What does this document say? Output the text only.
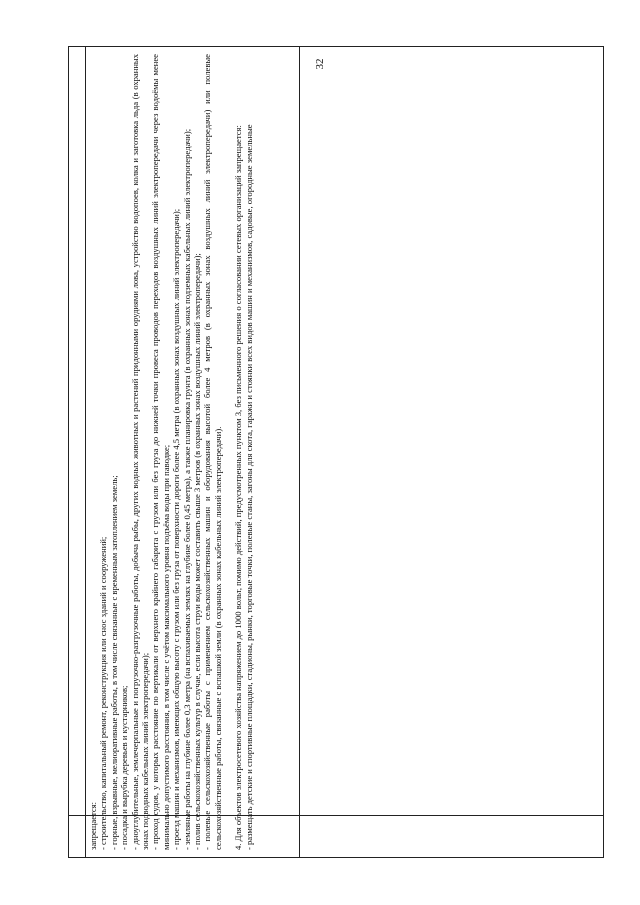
32

запрещается: - строительство, капитальный ремонт, реконструкция или снос зданий и сооружений; - горные, взрывные, мелиоративные работы, в том числе связанные с временным затоплением земель; - посадка и вырубка деревьев и кустарников; - дноуглубительные, землечерпальные и погрузочно-разгрузочные работы, добыча рыбы, других водных животных и растений придонными орудиями лова, устройство водопоев, колка и заготовка льда (в охранных зонах подводных кабельных линий электропередачи); - проход судов, у которых расстояние по вертикали от верхнего крайнего габарита с грузом или без груза до нижней точки провеса проводов переходов воздушных линий электропередачи через водоёмы менее минимально допустимого расстояния, в том числе с учётом максимального уровня подъёма воды при паводке; - проезд машин и механизмов, имеющих общую высоту с грузом или без груза от поверхности дороги более 4,5 метра (в охранных зонах воздушных линий электропередачи); - земляные работы на глубине более 0,3 метра (на вспахиваемых землях на глубине более 0,45 метра), а также планировка грунта (в охранных зонах подземных кабельных линий электропередачи); - полив сельскохозяйственных культур в случае, если высота струи воды может составить свыше 3 метров (в охранных зонах воздушных линий электропередачи); - полевые сельскохозяйственные работы с применением сельскохозяйственных машин и оборудования высотой более 4 метров (в охранных зонах воздушных линий электропередачи) или полевые сельскохозяйственные работы, связанные с вспашкой земли (в охранных зонах кабельных линий электропередачи). 4. Для объектов электросетевого хозяйства напряжением до 1000 вольт, помимо действий, предусмотренных пунктом 3, без письменного решения о согласовании сетевых организаций запрещается: - размещать детские и спортивные площадки, стадионы, рынки, торговые точки, полевые станы, загоны для скота, гаражи и стоянки всех видов машин и механизмов, садовые, огородные земельные
